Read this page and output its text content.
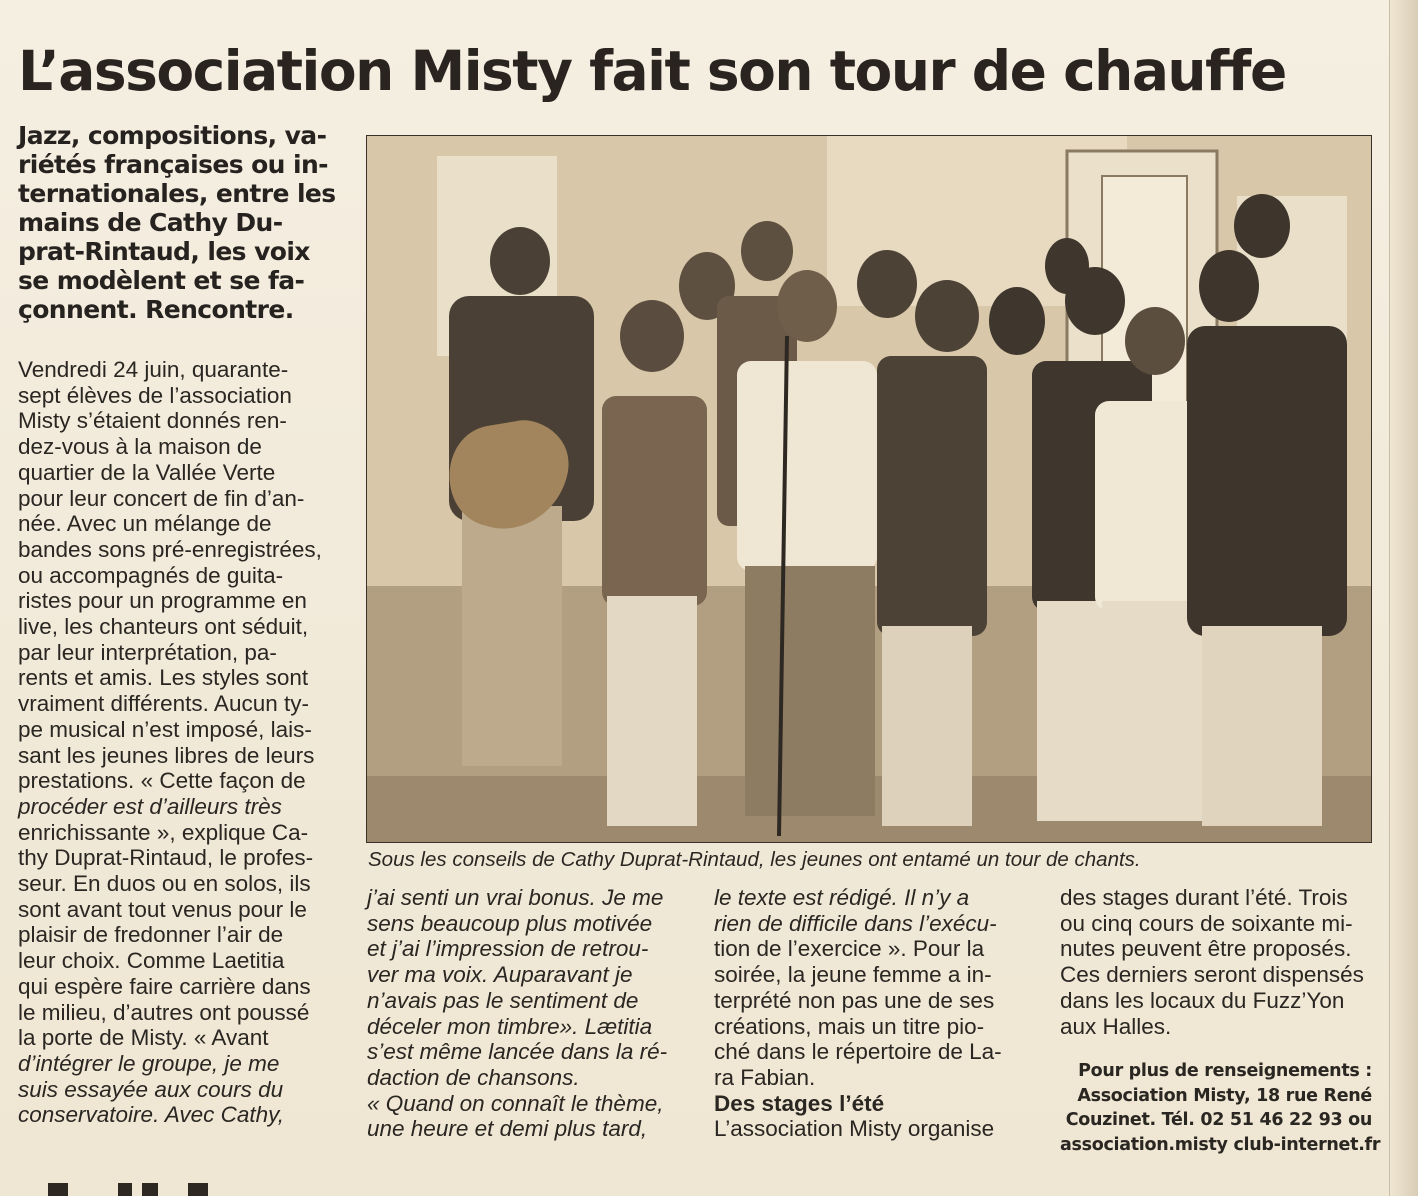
L’association Misty fait son tour de chauffe
Jazz, compositions, va-
riétés françaises ou in-
ternationales, entre les
mains de Cathy Du-
prat-Rintaud, les voix
se modèlent et se fa-
çonnent. Rencontre.
Vendredi 24 juin, quarante-
sept élèves de l’association
Misty s’étaient donnés ren-
dez-vous à la maison de
quartier de la Vallée Verte
pour leur concert de fin d’an-
née. Avec un mélange de
bandes sons pré-enregistrées,
ou accompagnés de guita-
ristes pour un programme en
live, les chanteurs ont séduit,
par leur interprétation, pa-
rents et amis. Les styles sont
vraiment différents. Aucun ty-
pe musical n’est imposé, lais-
sant les jeunes libres de leurs
prestations. « Cette façon de
procéder est d’ailleurs très
enrichissante », explique Ca-
thy Duprat-Rintaud, le profes-
seur. En duos ou en solos, ils
sont avant tout venus pour le
plaisir de fredonner l’air de
leur choix. Comme Laetitia
qui espère faire carrière dans
le milieu, d’autres ont poussé
la porte de Misty. « Avant
d’intégrer le groupe, je me
suis essayée aux cours du
conservatoire. Avec Cathy,
Sous les conseils de Cathy Duprat-Rintaud, les jeunes ont entamé un tour de chants.
j’ai senti un vrai bonus. Je me
sens beaucoup plus motivée
et j’ai l’impression de retrou-
ver ma voix. Auparavant je
n’avais pas le sentiment de
déceler mon timbre». Lætitia
s’est même lancée dans la ré-
daction de chansons.
« Quand on connaît le thème,
une heure et demi plus tard,
le texte est rédigé. Il n’y a
rien de difficile dans l’exécu-
tion de l’exercice ». Pour la
soirée, la jeune femme a in-
terprété non pas une de ses
créations, mais un titre pio-
ché dans le répertoire de La-
ra Fabian.
Des stages l’été
L’association Misty organise
des stages durant l’été. Trois
ou cinq cours de soixante mi-
nutes peuvent être proposés.
Ces derniers seront dispensés
dans les locaux du Fuzz’Yon
aux Halles.
Pour plus de renseignements :
Association Misty, 18 rue René
Couzinet. Tél. 02 51 46 22 93 ou
association.misty club-internet.fr
